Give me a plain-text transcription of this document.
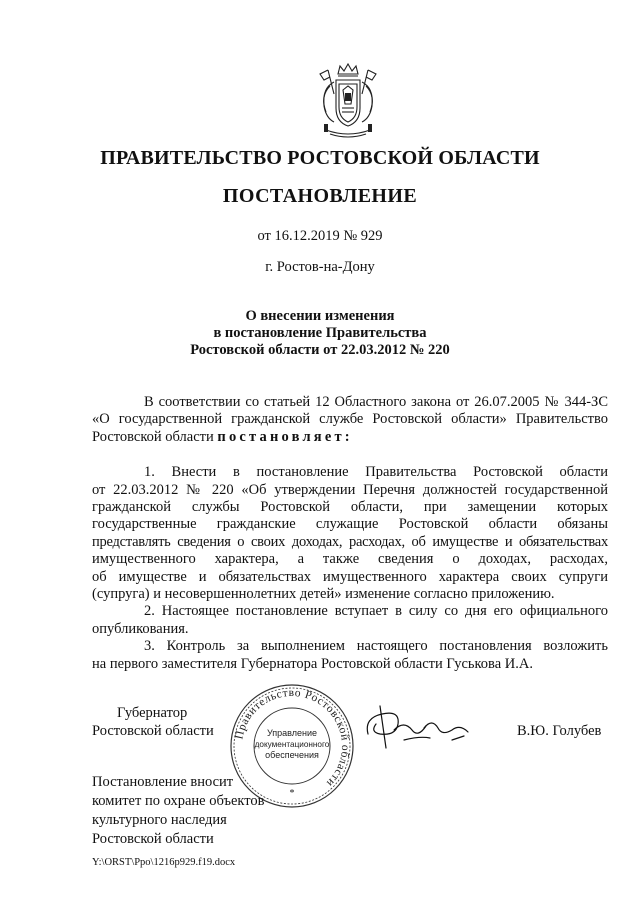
ПРАВИТЕЛЬСТВО РОСТОВСКОЙ ОБЛАСТИ
ПОСТАНОВЛЕНИЕ
от 16.12.2019 № 929
г. Ростов-на-Дону
О внесении изменения
в постановление Правительства
Ростовской области от 22.03.2012 № 220

В соответствии со статьей 12 Областного закона от 26.07.2005 № 344-ЗС

«О государственной гражданской службе Ростовской области» Правительство

Ростовской области постановляет:

1. Внести в постановление Правительства Ростовской области

от 22.03.2012 № 220 «Об утверждении Перечня должностей государственной

гражданской службы Ростовской области, при замещении которых

государственные гражданские служащие Ростовской области обязаны

представлять сведения о своих доходах, расходах, об имуществе и обязательствах

имущественного характера, а также сведения о доходах, расходах,

об имуществе и обязательствах имущественного характера своих супруги

(супруга) и несовершеннолетних детей» изменение согласно приложению.

2. Настоящее постановление вступает в силу со дня его официального

опубликования.

3. Контроль за выполнением настоящего постановления возложить

на первого заместителя Губернатора Ростовской области Гуськова И.А.

Правительство Ростовской области
Управление
документационного
обеспечения
*
Губернатор
Ростовской области	В.Ю. Голубев
Постановление вносит
комитет по охране объектов
культурного наследия
Ростовской области
Y:\ORST\Ppo\1216p929.f19.docx
